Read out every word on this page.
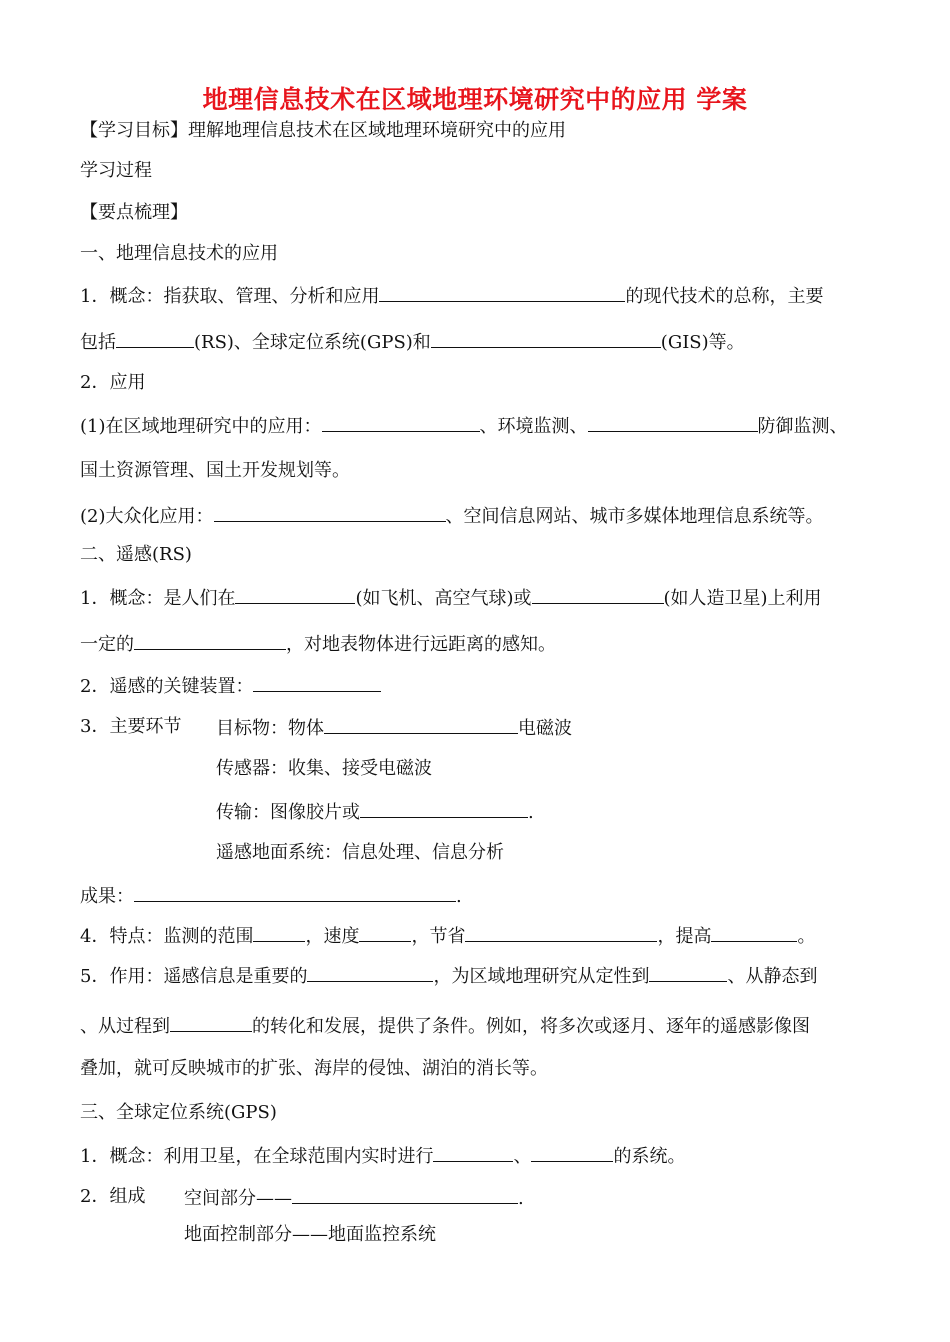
地理信息技术在区域地理环境研究中的应用 学案
【学习目标】理解地理信息技术在区域地理环境研究中的应用
学习过程
【要点梳理】
一、地理信息技术的应用
1．概念：指获取、管理、分析和应用	的现代技术的总称，主要
包括	(RS)、全球定位系统(GPS)和	(GIS)等。
2．应用
(1)在区域地理研究中的应用：	、环境监测、	防御监测、
国土资源管理、国土开发规划等。
(2)大众化应用：	、空间信息网站、城市多媒体地理信息系统等。
二、遥感(RS)
1．概念：是人们在	(如飞机、高空气球)或	(如人造卫星)上利用
一定的	，对地表物体进行远距离的感知。
2．遥感的关键装置：
3．主要环节 目标物：物体	电磁波
传感器：收集、接受电磁波
传输：图像胶片或	.
遥感地面系统：信息处理、信息分析
成果：	.
4．特点：监测的范围	，速度	，节省	，提高	。
5．作用：遥感信息是重要的	，为区域地理研究从定性到	、从静态到
、从过程到	的转化和发展，提供了条件。例如，将多次或逐月、逐年的遥感影像图
叠加，就可反映城市的扩张、海岸的侵蚀、湖泊的消长等。
三、全球定位系统(GPS)
1．概念：利用卫星，在全球范围内实时进行	、	的系统。
2．组成 空间部分——	.
地面控制部分——地面监控系统
